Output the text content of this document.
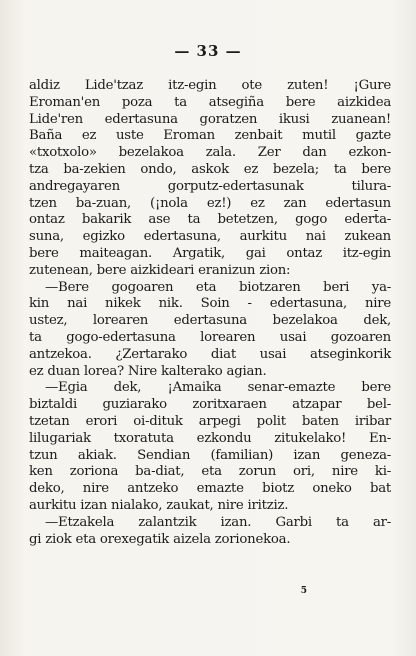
— 33 —
aldiz Lide'tzaz itz-egin ote zuten! ¡Gure
Eroman'en poza ta atsegiña bere aizkidea
Lide'ren edertasuna goratzen ikusi zuanean!
Baña ez uste Eroman zenbait mutil gazte
«txotxolo» bezelakoa zala. Zer dan ezkon-
tza ba-zekien ondo, askok ez bezela; ta bere
andregayaren gorputz-edertasunak tilura-
tzen ba-zuan, (¡nola ez!) ez zan edertasun
ontaz bakarik ase ta betetzen, gogo edert̄a-
suna, egizko edertasuna, aurkitu nai zukean
bere maiteagan. Argatik, gai ontaz itz-egin
zutenean, bere aizkideari eranizun zion:
—Bere gogoaren eta biotzaren beri ya-
kin nai nikek nik. Soin - edertasuna, nire
ustez, lorearen edertasuna bezelakoa dek,
ta gogo-edertasuna lorearen usai gozoaren
antzekoa. ¿Zertarako diat usai atseginkorik
ez duan lorea? Nire kalterako agian.
—Egia dek, ¡Amaika senar-emazte bere
biztaldi guziarako zoritxaraen atzapar bel-
tzetan erori oi-dituk arpegi polit baten iribar
lilugariak txoratuta ezkondu zitukelako! En-
tzun akiak. Sendian (familian) izan geneza-
ken zoriona ba-diat, eta zorun ori, nire ki-
deko, nire antzeko emazte biotz oneko bat
aurkitu izan nialako, zaukat, nire iritziz.
—Etzakela zalantzik izan. Garbi ta ar-
gi ziok eta orexegatik aizela zorionekoa.
5
